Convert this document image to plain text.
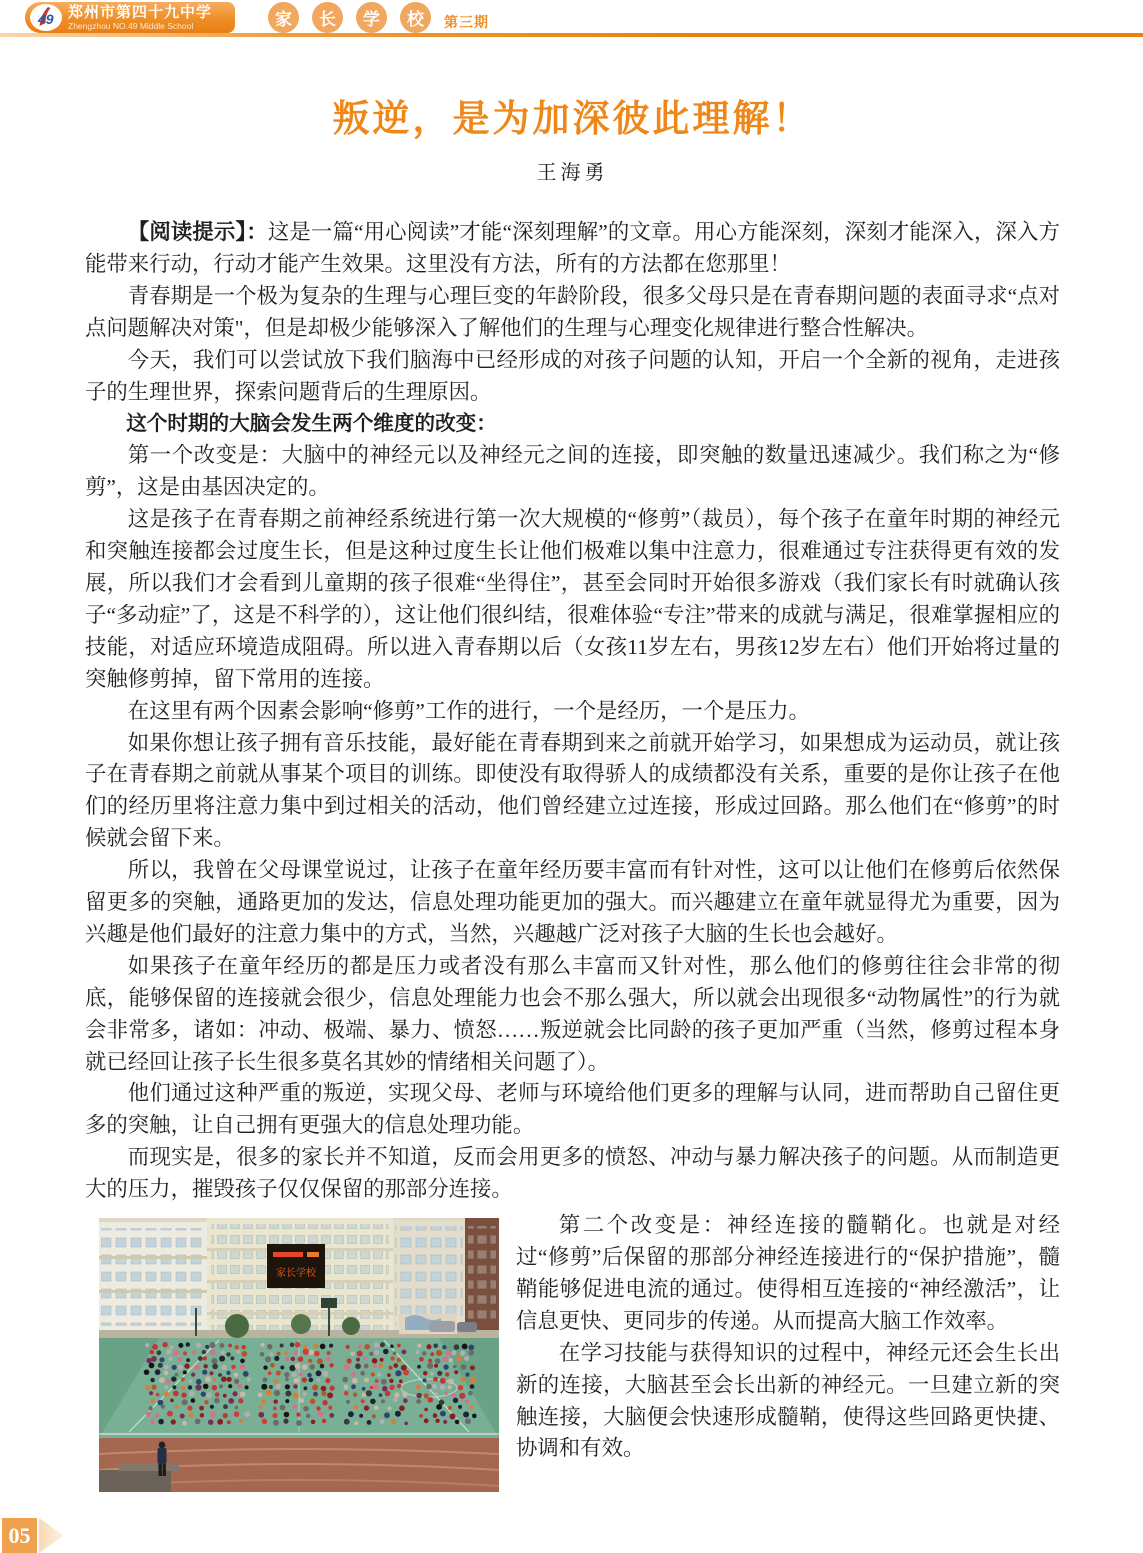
49 郑州市第四十九中学
Zhengzhou NO.49 Middle School	家	长	学	校	第三期
叛逆，是为加深彼此理解！
王海勇

【阅读提示】：这是一篇“用心阅读”才能“深刻理解”的文章。用心方能深刻，深刻才能深入，深入方能带来行动，行动才能产生效果。这里没有方法，所有的方法都在您那里！

青春期是一个极为复杂的生理与心理巨变的年龄阶段，很多父母只是在青春期问题的表面寻求“点对点问题解决对策"，但是却极少能够深入了解他们的生理与心理变化规律进行整合性解决。

今天，我们可以尝试放下我们脑海中已经形成的对孩子问题的认知，开启一个全新的视角，走进孩子的生理世界，探索问题背后的生理原因。

这个时期的大脑会发生两个维度的改变：

第一个改变是：大脑中的神经元以及神经元之间的连接，即突触的数量迅速减少。我们称之为“修剪”，这是由基因决定的。

这是孩子在青春期之前神经系统进行第一次大规模的“修剪”（裁员），每个孩子在童年时期的神经元和突触连接都会过度生长，但是这种过度生长让他们极难以集中注意力，很难通过专注获得更有效的发展，所以我们才会看到儿童期的孩子很难“坐得住”，甚至会同时开始很多游戏（我们家长有时就确认孩子“多动症”了，这是不科学的），这让他们很纠结，很难体验“专注”带来的成就与满足，很难掌握相应的技能，对适应环境造成阻碍。所以进入青春期以后（女孩11岁左右，男孩12岁左右）他们开始将过量的突触修剪掉，留下常用的连接。

在这里有两个因素会影响“修剪”工作的进行，一个是经历，一个是压力。

如果你想让孩子拥有音乐技能，最好能在青春期到来之前就开始学习，如果想成为运动员，就让孩子在青春期之前就从事某个项目的训练。即使没有取得骄人的成绩都没有关系，重要的是你让孩子在他们的经历里将注意力集中到过相关的活动，他们曾经建立过连接，形成过回路。那么他们在“修剪”的时候就会留下来。

所以，我曾在父母课堂说过，让孩子在童年经历要丰富而有针对性，这可以让他们在修剪后依然保留更多的突触，通路更加的发达，信息处理功能更加的强大。而兴趣建立在童年就显得尤为重要，因为兴趣是他们最好的注意力集中的方式，当然，兴趣越广泛对孩子大脑的生长也会越好。

如果孩子在童年经历的都是压力或者没有那么丰富而又针对性，那么他们的修剪往往会非常的彻底，能够保留的连接就会很少，信息处理能力也会不那么强大，所以就会出现很多“动物属性”的行为就会非常多，诸如：冲动、极端、暴力、愤怒……叛逆就会比同龄的孩子更加严重（当然，修剪过程本身就已经回让孩子长生很多莫名其妙的情绪相关问题了）。

他们通过这种严重的叛逆，实现父母、老师与环境给他们更多的理解与认同，进而帮助自己留住更多的突触，让自己拥有更强大的信息处理功能。

而现实是，很多的家长并不知道，反而会用更多的愤怒、冲动与暴力解决孩子的问题。从而制造更大的压力，摧毁孩子仅仅保留的那部分连接。

家长学校

第二个改变是：神经连接的髓鞘化。也就是对经过“修剪”后保留的那部分神经连接进行的“保护措施”，髓鞘能够促进电流的通过。使得相互连接的“神经激活”，让信息更快、更同步的传递。从而提高大脑工作效率。

在学习技能与获得知识的过程中，神经元还会生长出新的连接，大脑甚至会长出新的神经元。一旦建立新的突触连接，大脑便会快速形成髓鞘，使得这些回路更快捷、协调和有效。

05
